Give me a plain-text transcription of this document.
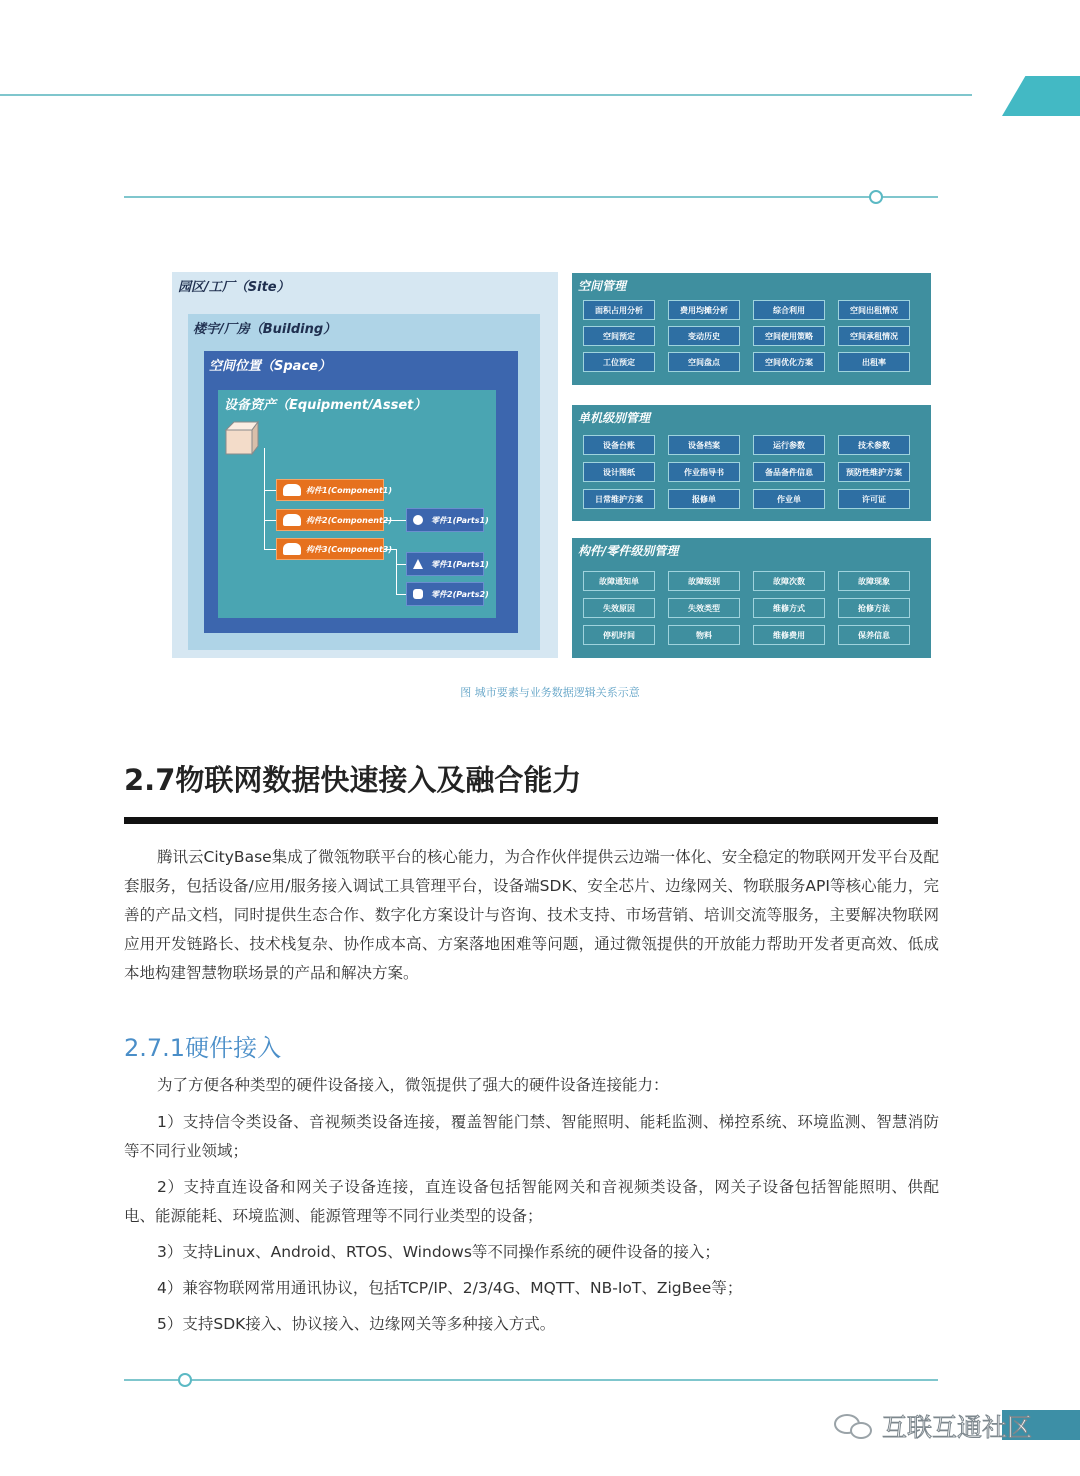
园区/工厂（Site）
楼宇/厂房（Building）
空间位置（Space）
设备资产（Equipment/Asset）
构件1(Component1)
构件2(Component2)
构件3(Component3)
零件1(Parts1)
零件1(Parts1)
零件2(Parts2)
空间管理
面积占用分析	费用均摊分析	综合利用	空间出租情况
空间预定	变动历史	空间使用策略	空间承租情况
工位预定	空间盘点	空间优化方案	出租率
单机级别管理
设备台账	设备档案	运行参数	技术参数
设计图纸	作业指导书	备品备件信息	预防性维护方案
日常维护方案	报修单	作业单	许可证
构件/零件级别管理
故障通知单	故障级别	故障次数	故障现象
失效原因	失效类型	维修方式	抢修方法
停机时间	物料	维修费用	保养信息
图 城市要素与业务数据逻辑关系示意
2.7物联网数据快速接入及融合能力

腾讯云CityBase集成了微瓴物联平台的核心能力，为合作伙伴提供云边端一体化、安全稳定的物联网开发平台及配套服务，包括设备/应用/服务接入调试工具管理平台，设备端SDK、安全芯片、边缘网关、物联服务API等核心能力，完善的产品文档，同时提供生态合作、数字化方案设计与咨询、技术支持、市场营销、培训交流等服务，主要解决物联网应用开发链路长、技术栈复杂、协作成本高、方案落地困难等问题，通过微瓴提供的开放能力帮助开发者更高效、低成本地构建智慧物联场景的产品和解决方案。

2.7.1硬件接入

为了方便各种类型的硬件设备接入，微瓴提供了强大的硬件设备连接能力：

1）支持信令类设备、音视频类设备连接，覆盖智能门禁、智能照明、能耗监测、梯控系统、环境监测、智慧消防等不同行业领域；

2）支持直连设备和网关子设备连接，直连设备包括智能网关和音视频类设备，网关子设备包括智能照明、供配电、能源能耗、环境监测、能源管理等不同行业类型的设备；

3）支持Linux、Android、RTOS、Windows等不同操作系统的硬件设备的接入；

4）兼容物联网常用通讯协议，包括TCP/IP、2/3/4G、MQTT、NB-IoT、ZigBee等；

5）支持SDK接入、协议接入、边缘网关等多种接入方式。

互联互通社区
